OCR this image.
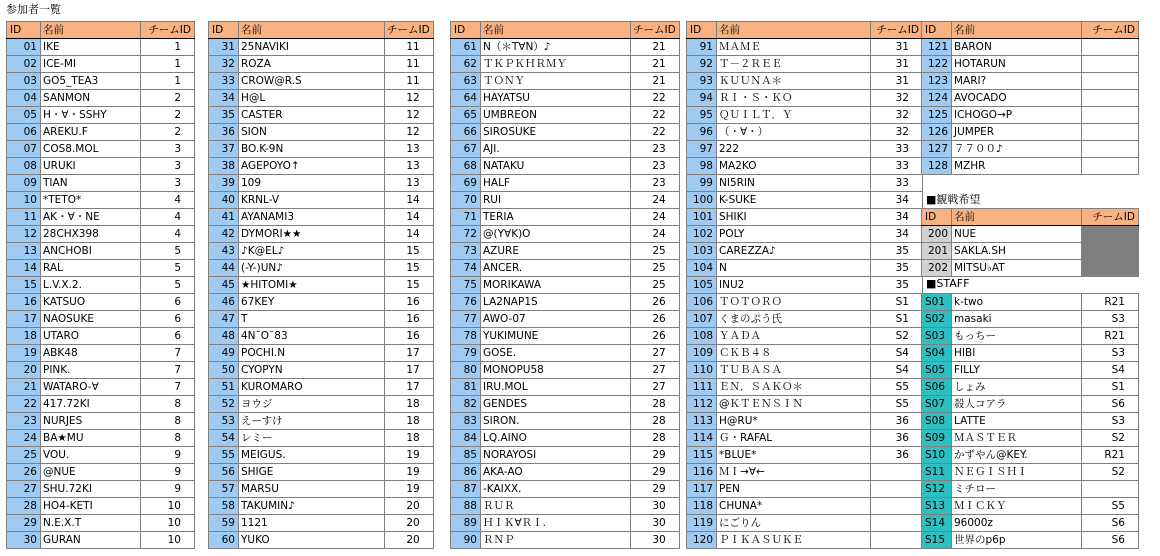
参加者一覧
ID	名前	チームID
01	IKE	1
02	ICE-MI	1
03	GO5_TEA3	1
04	SANMON	2
05	H・∀・SSHY	2
06	AREKU.F	2
07	COS8.MOL	3
08	URUKI	3
09	TIAN	3
10	*TETO*	4
11	AK・∀・NE	4
12	28CHX398	4
13	ANCHOBI	5
14	RAL	5
15	L.V.X.2.	5
16	KATSUO	6
17	NAOSUKE	6
18	UTARO	6
19	ABK48	7
20	PINK.	7
21	WATARO-∀	7
22	417.72KI	8
23	NURJES	8
24	BA★MU	8
25	VOU.	9
26	@NUE	9
27	SHU.72KI	9
28	HO4-KETI	10
29	N.E.X.T	10
30	GURAN	10
ID	名前	チームID
31	25NAVIKI	11
32	ROZA	11
33	CROW@R.S	11
34	H@L	12
35	CASTER	12
36	SION	12
37	BO.K-9N	13
38	AGEPOYO↑	13
39	109	13
40	KRNL-V	14
41	AYANAMI3	14
42	DYMORI★★	14
43	♪K@EL♪	15
44	(-Y-)UN♪	15
45	★HITOMI★	15
46	67KEY	16
47	T	16
48	4N˘O˘83	16
49	POCHI.N	17
50	CYOPYN	17
51	KUROMARO	17
52	ヨウジ	18
53	えーすけ	18
54	レミー	18
55	MEIGUS.	19
56	SHIGE	19
57	MARSU	19
58	TAKUMIN♪	20
59	1121	20
60	YUKO	20
ID	名前	チームID
61	N（＊T∀N）♪	21
62	ＴＫＰＫＨＲＭＹ	21
63	ＴＯＮＹ	21
64	HAYATSU	22
65	UMBREON	22
66	SIROSUKE	22
67	AJI.	23
68	NATAKU	23
69	HALF	23
70	RUI	24
71	TERIA	24
72	@(Y∀K)O	24
73	AZURE	25
74	ANCER.	25
75	MORIKAWA	25
76	LA2NAP1S	26
77	AWO-07	26
78	YUKIMUNE	26
79	GOSE.	27
80	MONOPU58	27
81	IRU.MOL	27
82	GENDES	28
83	SIRON.	28
84	LQ.AINO	28
85	NORAYOSI	29
86	AKA-AO	29
87	-KAIXX.	29
88	ＲＵＲ	30
89	ＨＩＫ∀ＲＩ.	30
90	ＲＮＰ	30
ID	名前	チームID
91	ＭＡＭＥ	31
92	Ｔ－２ＲＥＥ	31
93	ＫＵＵＮＡ＊	31
94	ＲＩ・Ｓ・ＫＯ	32
95	ＱＵＩＬＴ．Ｙ	32
96	（・∀・）	32
97	222	33
98	MA2KO	33
99	NI5RIN	33
100	K-SUKE	34
101	SHIKI	34
102	POLY	34
103	CAREZZA♪	35
104	N	35
105	INU2	35
106	ＴＯＴＯＲＯ	S1
107	くまのぷう氏	S1
108	ＹＡＤＡ	S2
109	ＣＫＢ４８	S4
110	ＴＵＢＡＳＡ	S4
111	ＥＮ．ＳＡＫＯ＊	S5
112	@ＫＴＥＮＳＩＮ	S5
113	H@RU*	36
114	Ｇ・RAFAL	36
115	*BLUE*	36
116	ＭＩ→∀←	
117	PEN	
118	CHUNA*	
119	にごりん	
120	ＰＩＫＡＳＵＫＥ	
ID	名前	チームID
121	BARON	
122	HOTARUN	
123	MARI?	
124	AVOCADO	
125	ICHOGO→P	
126	JUMPER	
127	７７００♪	
128	MZHR	
■観戦希望
ID	名前	チームID
200	NUE	
201	SAKLA.SH	
202	MITSU♭AT	
■STAFF
S01	k-two	R21
S02	masaki	S3
S03	もっちー	R21
S04	HIBI	S3
S05	FILLY	S4
S06	しょみ	S1
S07	殺人コアラ	S6
S08	LATTE	S3
S09	ＭＡＳＴＥＲ	S2
S10	かずやん@KEY.	R21
S11	ＮＥＧＩＳＨＩ	S2
S12	ミチロー	
S13	ＭＩＣＫＹ	S5
S14	96000z	S6
S15	世界のp6p	S6
